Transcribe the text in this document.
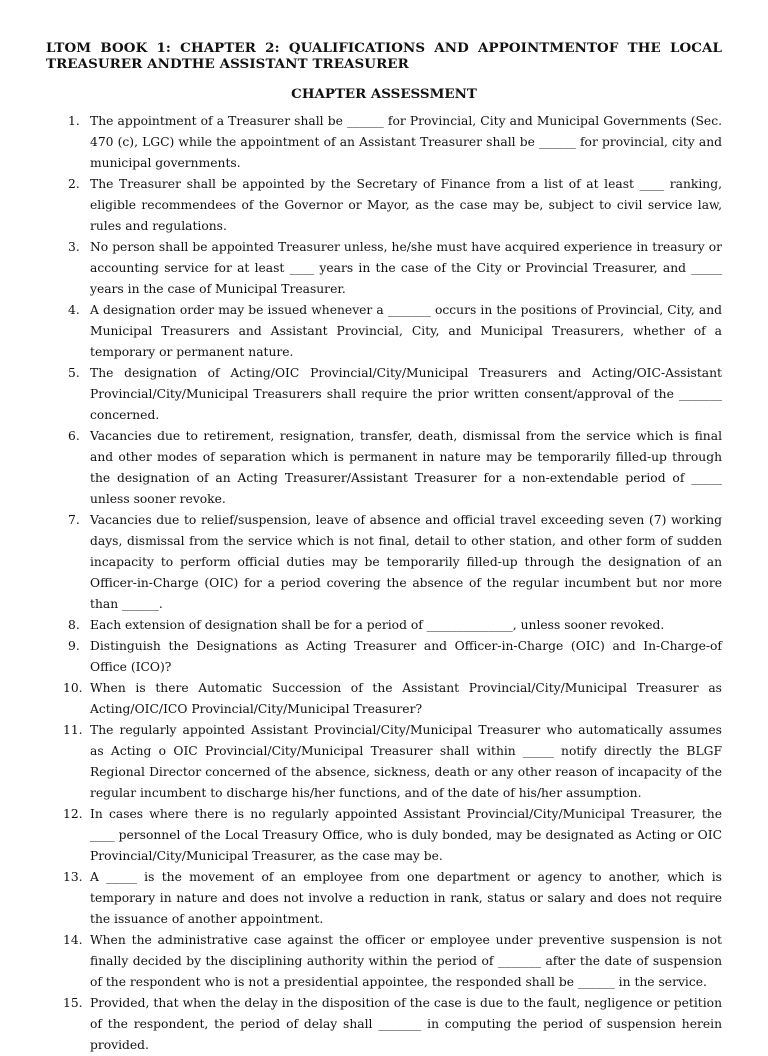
LTOM BOOK 1: CHAPTER 2: QUALIFICATIONS AND APPOINTMENTOF THE LOCAL TREASURER ANDTHE ASSISTANT TREASURER
CHAPTER ASSESSMENT
1. The appointment of a Treasurer shall be ______ for Provincial, City and Municipal Governments (Sec. 470 (c), LGC) while the appointment of an Assistant Treasurer shall be ______ for provincial, city and municipal governments.
2. The Treasurer shall be appointed by the Secretary of Finance from a list of at least ____ ranking, eligible recommendees of the Governor or Mayor, as the case may be, subject to civil service law, rules and regulations.
3. No person shall be appointed Treasurer unless, he/she must have acquired experience in treasury or accounting service for at least ____ years in the case of the City or Provincial Treasurer, and _____ years in the case of Municipal Treasurer.
4. A designation order may be issued whenever a _______ occurs in the positions of Provincial, City, and Municipal Treasurers and Assistant Provincial, City, and Municipal Treasurers, whether of a temporary or permanent nature.
5. The designation of Acting/OIC Provincial/City/Municipal Treasurers and Acting/OIC-Assistant Provincial/City/Municipal Treasurers shall require the prior written consent/approval of the _______ concerned.
6. Vacancies due to retirement, resignation, transfer, death, dismissal from the service which is final and other modes of separation which is permanent in nature may be temporarily filled-up through the designation of an Acting Treasurer/Assistant Treasurer for a non-extendable period of _____ unless sooner revoke.
7. Vacancies due to relief/suspension, leave of absence and official travel exceeding seven (7) working days, dismissal from the service which is not final, detail to other station, and other form of sudden incapacity to perform official duties may be temporarily filled-up through the designation of an Officer-in-Charge (OIC) for a period covering the absence of the regular incumbent but nor more than ______.
8. Each extension of designation shall be for a period of ______________, unless sooner revoked.
9. Distinguish the Designations as Acting Treasurer and Officer-in-Charge (OIC) and In-Charge-of Office (ICO)?
10. When is there Automatic Succession of the Assistant Provincial/City/Municipal Treasurer as Acting/OIC/ICO Provincial/City/Municipal Treasurer?
11. The regularly appointed Assistant Provincial/City/Municipal Treasurer who automatically assumes as Acting o OIC Provincial/City/Municipal Treasurer shall within _____ notify directly the BLGF Regional Director concerned of the absence, sickness, death or any other reason of incapacity of the regular incumbent to discharge his/her functions, and of the date of his/her assumption.
12. In cases where there is no regularly appointed Assistant Provincial/City/Municipal Treasurer, the ____ personnel of the Local Treasury Office, who is duly bonded, may be designated as Acting or OIC Provincial/City/Municipal Treasurer, as the case may be.
13. A _____ is the movement of an employee from one department or agency to another, which is temporary in nature and does not involve a reduction in rank, status or salary and does not require the issuance of another appointment.
14. When the administrative case against the officer or employee under preventive suspension is not finally decided by the disciplining authority within the period of _______ after the date of suspension of the respondent who is not a presidential appointee, the responded shall be ______ in the service.
15. Provided, that when the delay in the disposition of the case is due to the fault, negligence or petition of the respondent, the period of delay shall _______ in computing the period of suspension herein provided.
